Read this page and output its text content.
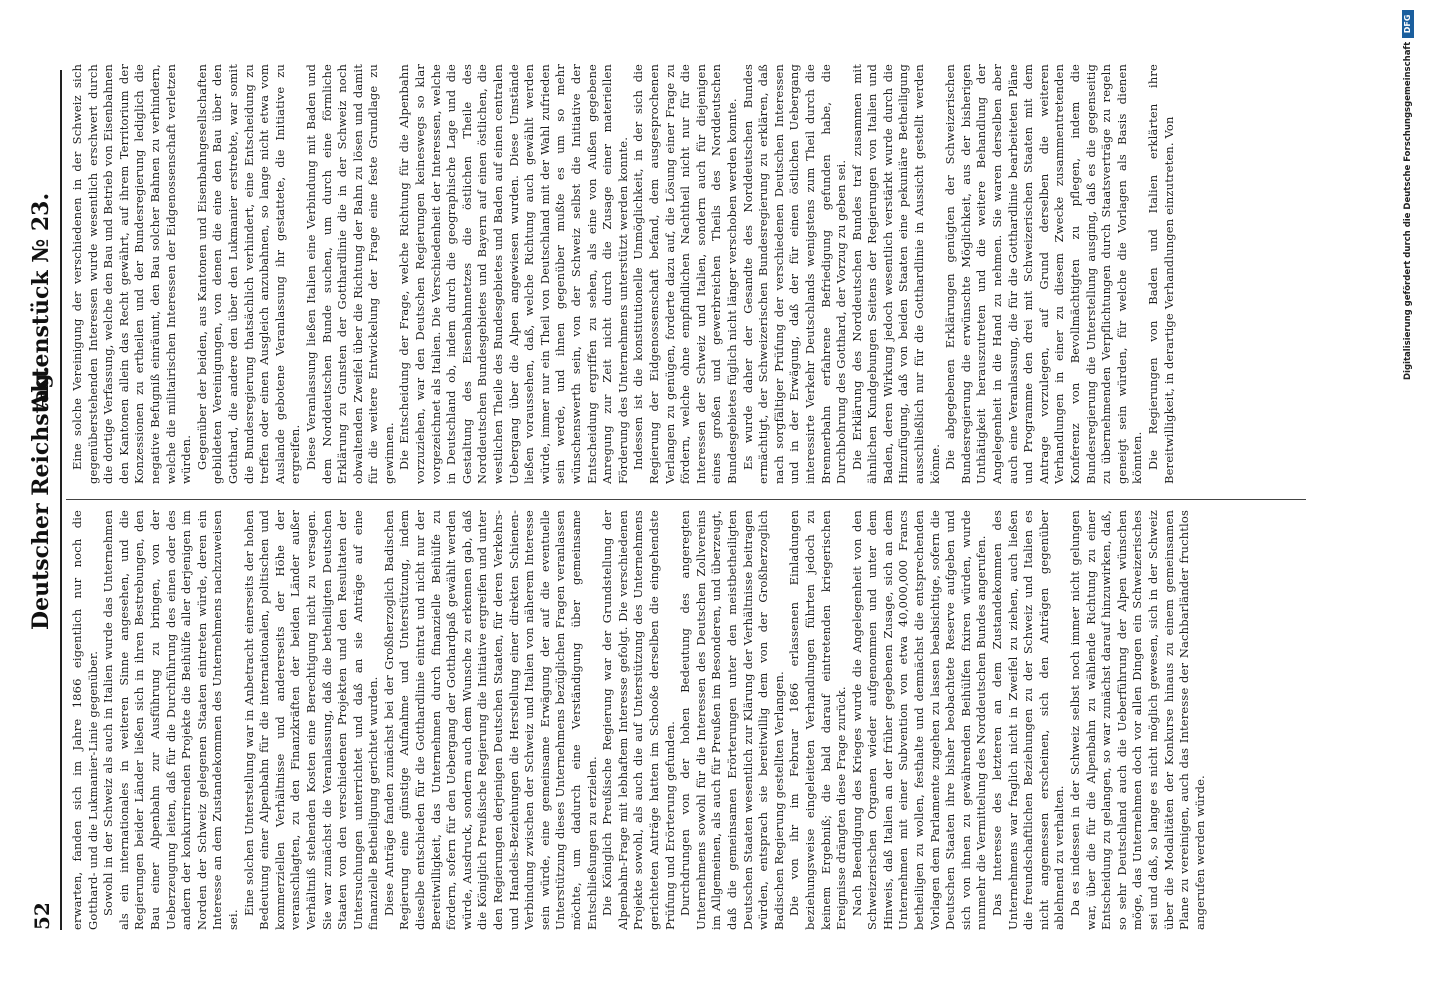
52
Deutscher Reichstag.
Aktenstück № 23.

erwarten, fanden sich im Jahre 1866 eigentlich nur noch die Gotthard- und die Lukmanier-Linie gegenüber. Sowohl in der Schweiz als auch in Italien wurde das Unternehmen als ein internationales in weiteren Sinne angesehen, und die Regierungen beider Länder ließen sich in ihren Bestrebungen, den Bau einer Alpenbahn zur Ausführung zu bringen, von der Ueberzeugung leiten, daß für die Durchführung des einen oder des andern der konkurrirenden Projekte die Beihülfe aller derjenigen im Norden der Schweiz gelegenen Staaten eintreten würde, deren ein Interesse an dem Zustandekommen des Unternehmens nachzuweisen sei.

Eine solchen Unterstellung war in Anbetracht einerseits der hohen Bedeutung einer Alpenbahn für die internationalen, politischen und kommerziellen Verhältnisse und andererseits der Höhe der veranschlagten, zu den Finanzkräften der beiden Länder außer Verhältniß stehenden Kosten eine Berechtigung nicht zu versagen. Sie war zunächst die Veranlassung, daß die betheiligten Deutschen Staaten von den verschiedenen Projekten und den Resultaten der Untersuchungen unterrichtet und daß an sie Anträge auf eine finanzielle Betheiligung gerichtet wurden. Diese Anträge fanden zunächst bei der Großherzoglich Badischen Regierung eine günstige Aufnahme und Unterstützung, indem dieselbe entschieden für die Gotthardlinie eintrat und nicht nur der Bereitwilligkeit, das Unternehmen durch finanzielle Beihülfe zu fördern, sofern für den Uebergang der Gotthardpaß gewählt werden würde, Ausdruck, sondern auch dem Wunsche zu erkennen gab, daß die Königlich Preußische Regierung die Initiative ergreifen und unter den Regierungen derjenigen Deutschen Staaten, für deren Verkehrs- und Handels-Beziehungen die Herstellung einer direkten Schienen-Verbindung zwischen der Schweiz und Italien von näherem Interesse sein würde, eine gemeinsame Erwägung der auf die eventuelle Unterstützung dieses Unternehmens bezüglichen Fragen veranlassen möchte, um dadurch eine Verständigung über gemeinsame Entschließungen zu erzielen. Die Königlich Preußische Regierung war der Grundstellung der Alpenbahn-Frage mit lebhaftem Interesse gefolgt. Die verschiedenen Projekte sowohl, als auch die auf Unterstützung des Unternehmens gerichteten Anträge hatten im Schooße derselben die eingehendste Prüfung und Erörterung gefunden. Durchdrungen von der hohen Bedeutung des angeregten Unternehmens sowohl für die Interessen des Deutschen Zollvereins im Allgemeinen, als auch für Preußen im Besonderen, und überzeugt, daß die gemeinsamen Erörterungen unter den meistbetheiligten Deutschen Staaten wesentlich zur Klärung der Verhältnisse beitragen würden, entsprach sie bereitwillig dem von der Großherzoglich Badischen Regierung gestellten Verlangen. Die von ihr im Februar 1866 erlassenen Einladungen beziehungsweise eingeleiteten Verhandlungen führten jedoch zu keinem Ergebniß; die bald darauf eintretenden kriegerischen Ereignisse drängten diese Frage zurück. Nach Beendigung des Krieges wurde die Angelegenheit von den Schweizerischen Organen wieder aufgenommen und unter dem Hinweis, daß Italien an der früher gegebenen Zusage, sich an dem Unternehmen mit einer Subvention von etwa 40,000,000 Francs betheiligen zu wollen, festhalte und demnächst die entsprechenden Vorlagen dem Parlamente zugehen zu lassen beabsichtige, sofern die Deutschen Staaten ihre bisher beobachtete Reserve aufgeben und sich von ihnen zu gewährenden Beihülfen fixiren würden, wurde nunmehr die Vermittelung des Norddeutschen Bundes angerufen. Das Interesse des letzteren an dem Zustandekommen des Unternehmens war fraglich nicht in Zweifel zu ziehen, auch ließen die freundschaftlichen Beziehungen zu der Schweiz und Italien es nicht angemessen erscheinen, sich den Anträgen gegenüber ablehnend zu verhalten. Da es indessen in der Schweiz selbst noch immer nicht gelungen war, über die für die Alpenbahn zu wählende Richtung zu einer Entscheidung zu gelangen, so war zunächst darauf hinzuwirken, daß, so sehr Deutschland auch die Ueberführung der Alpen wünschen möge, das Unternehmen doch vor allen Dingen ein Schweizerisches sei und daß, so lange es nicht möglich gewesen, sich in der Schweiz über die Modalitäten der Konkurse hinaus zu einem gemeinsamen Plane zu vereinigen, auch das Interesse der Nachbarländer fruchtlos angerufen werden würde.

Eine solche Vereinigung der verschiedenen in der Schweiz sich gegenüberstehenden Interessen wurde wesentlich erschwert durch die dortige Verfassung, welche den Bau und Betrieb von Eisenbahnen den Kantonen allein das Recht gewährt, auf ihrem Territorium der Konzessionen zu ertheilen und der Bundesregierung lediglich die negative Befugniß einräumt, den Bau solcher Bahnen zu verhindern, welche die militairischen Interessen der Eidgenossenschaft verletzen würden. Gegenüber der beiden, aus Kantonen und Eisenbahngesellschaften gebildeten Vereinigungen, von denen die eine den Bau über den Gotthard, die andere den über den Lukmanier erstrebte, war somit die Bundesregierung thatsächlich verhindert, eine Entscheidung zu treffen oder einen Ausgleich anzubahnen, so lange nicht etwa vom Auslande gebotene Veranlassung ihr gestattete, die Initiative zu ergreifen. Diese Veranlassung ließen Italien eine Verbindung mit Baden und dem Norddeutschen Bunde suchen, um durch eine förmliche Erklärung zu Gunsten der Gotthardlinie die in der Schweiz noch obwaltenden Zweifel über die Richtung der Bahn zu lösen und damit für die weitere Entwickelung der Frage eine feste Grundlage zu gewinnen. Die Entscheidung der Frage, welche Richtung für die Alpenbahn vorzuziehen, war den Deutschen Regierungen keineswegs so klar vorgezeichnet als Italien. Die Verschiedenheit der Interessen, welche in Deutschland ob, indem durch die geographische Lage und die Gestaltung des Eisenbahnnetzes die östlichen Theile des Norddeutschen Bundesgebietes und Bayern auf einen östlichen, die westlichen Theile des Bundesgebietes und Baden auf einen centralen Uebergang über die Alpen angewiesen wurden. Diese Umstände ließen voraussehen, daß, welche Richtung auch gewählt werden würde, immer nur ein Theil von Deutschland mit der Wahl zufrieden sein werde, und ihnen gegenüber mußte es um so mehr wünschenswerth sein, von der Schweiz selbst die Initiative der Entscheidung ergriffen zu sehen, als eine von Außen gegebene Anregung zur Zeit nicht durch die Zusage einer materiellen Förderung des Unternehmens unterstützt werden konnte. Indessen ist die konstitutionelle Unmöglichkeit, in der sich die Regierung der Eidgenossenschaft befand, dem ausgesprochenen Verlangen zu genügen, forderte dazu auf, die Lösung einer Frage zu fördern, welche ohne empfindlichen Nachtheil nicht nur für die Interessen der Schweiz und Italien, sondern auch für diejenigen eines großen und gewerbreichen Theils des Norddeutschen Bundesgebietes füglich nicht länger verschoben werden konnte. Es wurde daher der Gesandte des Norddeutschen Bundes ermächtigt, der Schweizerischen Bundesregierung zu erklären, daß nach sorgfältiger Prüfung der verschiedenen Deutschen Interessen und in der Erwägung, daß der für einen östlichen Uebergang interessirte Verkehr Deutschlands wenigstens zum Theil durch die Brennerbahn erfahrene Befriedigung gefunden habe, die Durchbohrung des Gotthard, der Vorzug zu geben sei. Die Erklärung des Norddeutschen Bundes traf zusammen mit ähnlichen Kundgebungen Seitens der Regierungen von Italien und Baden, deren Wirkung jedoch wesentlich verstärkt wurde durch die Hinzufügung, daß von beiden Staaten eine pekuniäre Betheiligung ausschließlich nur für die Gotthardlinie in Aussicht gestellt werden könne. Die abgegebenen Erklärungen genügten der Schweizerischen Bundesregierung die erwünschte Möglichkeit, aus der bisherigen Unthätigkeit herauszutreten und die weitere Behandlung der Angelegenheit in die Hand zu nehmen. Sie waren derselben aber auch eine Veranlassung, die für die Gotthardlinie bearbeiteten Pläne und Programme den drei mit Schweizerischen Staaten mit dem Antrage vorzulegen, auf Grund derselben die weiteren Verhandlungen in einer zu diesem Zwecke zusammentretenden Konferenz von Bevollmächtigten zu pflegen, indem die Bundesregierung die Unterstellung ausging, daß es die gegenseitig zu übernehmenden Verpflichtungen durch Staatsverträge zu regeln geneigt sein würden, für welche die Vorlagen als Basis dienen könnten. Die Regierungen von Baden und Italien erklärten ihre Bereitwilligkeit, in derartige Verhandlungen einzutreten. Von	Digitalisierung gefördert durch die Deutsche Forschungsgemeinschaft
DFG
